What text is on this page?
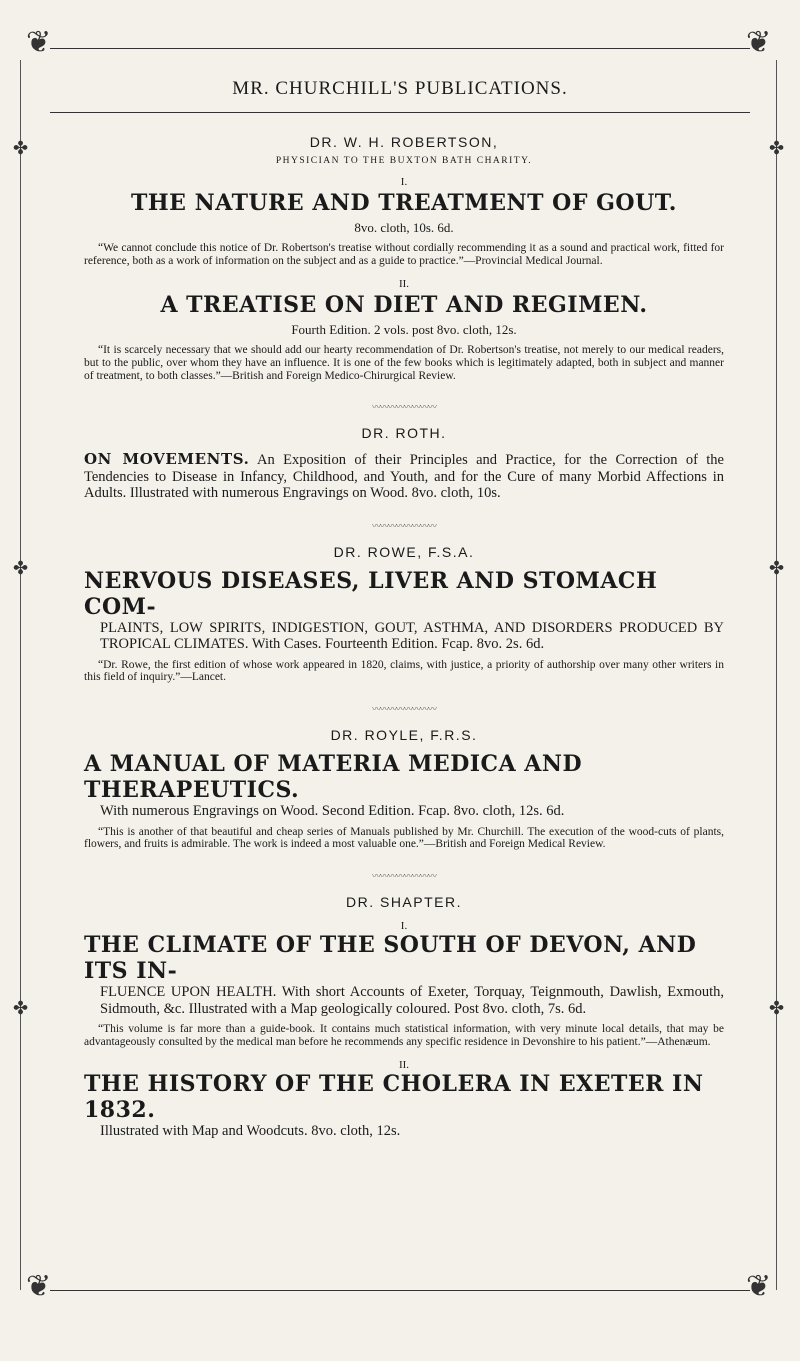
❦	❦
❦	❦
✤	✤
✤	✤
✤	✤
MR. CHURCHILL'S PUBLICATIONS.

DR. W. H. ROBERTSON,

PHYSICIAN TO THE BUXTON BATH CHARITY.

I.

THE NATURE AND TREATMENT OF GOUT.

8vo. cloth, 10s. 6d.

“We cannot conclude this notice of Dr. Robertson's treatise without cordially recommending it as a sound and practical work, fitted for reference, both as a work of information on the subject and as a guide to practice.”—Provincial Medical Journal.

II.

A TREATISE ON DIET AND REGIMEN.

Fourth Edition. 2 vols. post 8vo. cloth, 12s.

“It is scarcely necessary that we should add our hearty recommendation of Dr. Robertson's treatise, not merely to our medical readers, but to the public, over whom they have an influence. It is one of the few books which is legitimately adapted, both in subject and manner of treatment, to both classes.”—British and Foreign Medico-Chirurgical Review.

〰〰〰〰〰〰〰〰

DR. ROTH.

ON MOVEMENTS. An Exposition of their Principles and Practice, for the Correction of the Tendencies to Disease in Infancy, Childhood, and Youth, and for the Cure of many Morbid Affections in Adults. Illustrated with numerous Engravings on Wood. 8vo. cloth, 10s.

〰〰〰〰〰〰〰〰

DR. ROWE, F.S.A.

NERVOUS DISEASES, LIVER AND STOMACH COM-

PLAINTS, LOW SPIRITS, INDIGESTION, GOUT, ASTHMA, AND DISORDERS PRODUCED BY TROPICAL CLIMATES. With Cases. Fourteenth Edition. Fcap. 8vo. 2s. 6d.

“Dr. Rowe, the first edition of whose work appeared in 1820, claims, with justice, a priority of authorship over many other writers in this field of inquiry.”—Lancet.

〰〰〰〰〰〰〰〰

DR. ROYLE, F.R.S.

A MANUAL OF MATERIA MEDICA AND THERAPEUTICS.

With numerous Engravings on Wood. Second Edition. Fcap. 8vo. cloth, 12s. 6d.

“This is another of that beautiful and cheap series of Manuals published by Mr. Churchill. The execution of the wood-cuts of plants, flowers, and fruits is admirable. The work is indeed a most valuable one.”—British and Foreign Medical Review.

〰〰〰〰〰〰〰〰

DR. SHAPTER.

I.

THE CLIMATE OF THE SOUTH OF DEVON, AND ITS IN-

FLUENCE UPON HEALTH. With short Accounts of Exeter, Torquay, Teignmouth, Dawlish, Exmouth, Sidmouth, &c. Illustrated with a Map geologically coloured. Post 8vo. cloth, 7s. 6d.

“This volume is far more than a guide-book. It contains much statistical information, with very minute local details, that may be advantageously consulted by the medical man before he recommends any specific residence in Devonshire to his patient.”—Athenæum.

II.

THE HISTORY OF THE CHOLERA IN EXETER IN 1832.

Illustrated with Map and Woodcuts. 8vo. cloth, 12s.
